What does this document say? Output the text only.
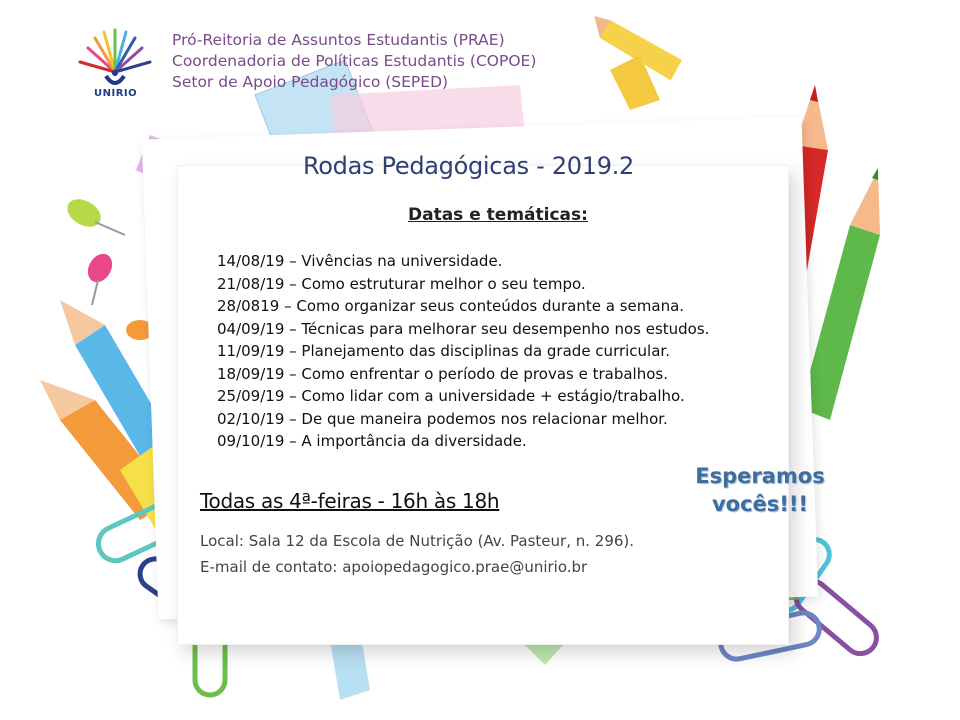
UNIRIO
Pró-Reitoria de Assuntos Estudantis (PRAE)
Coordenadoria de Políticas Estudantis (COPOE)
Setor de Apoio Pedagógico (SEPED)
Rodas Pedagógicas - 2019.2
Datas e temáticas:
14/08/19 – Vivências na universidade.
21/08/19 – Como estruturar melhor o seu tempo.
28/0819 – Como organizar seus conteúdos durante a semana.
04/09/19 – Técnicas para melhorar seu desempenho nos estudos.
11/09/19 – Planejamento das disciplinas da grade curricular.
18/09/19 – Como enfrentar o período de provas e trabalhos.
25/09/19 – Como lidar com a universidade + estágio/trabalho.
02/10/19 – De que maneira podemos nos relacionar melhor.
09/10/19 – A importância da diversidade.
Esperamos
vocês!!!
Todas as 4ª-feiras - 16h às 18h
Local: Sala 12 da Escola de Nutrição (Av. Pasteur, n. 296).
E-mail de contato: apoiopedagogico.prae@unirio.br
